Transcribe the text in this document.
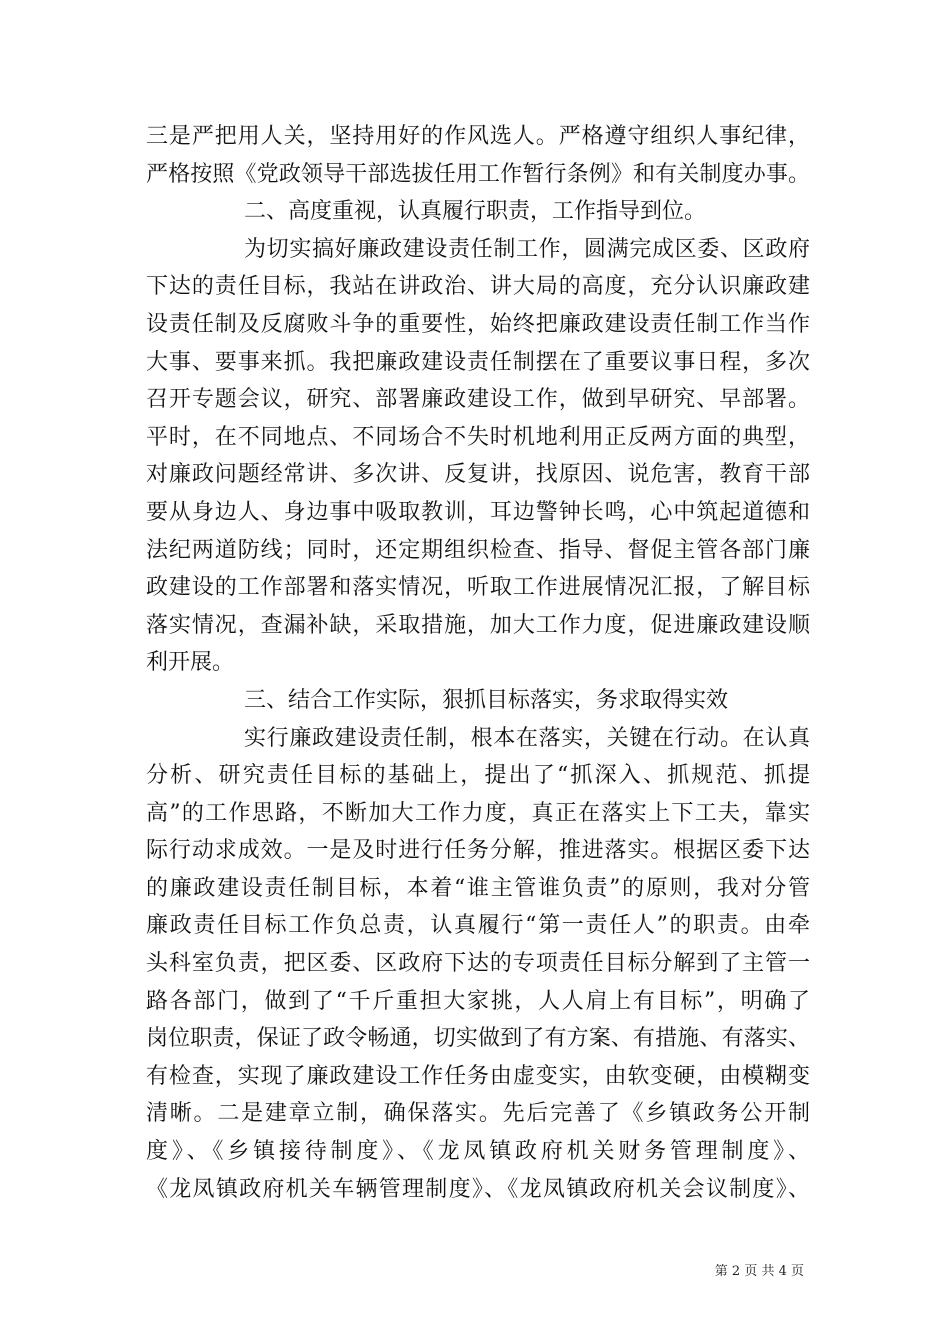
三是严把用人关，坚持用好的作风选人。严格遵守组织人事纪律，
严格按照《党政领导干部选拔任用工作暂行条例》和有关制度办事。
二、高度重视，认真履行职责，工作指导到位。
为切实搞好廉政建设责任制工作，圆满完成区委、区政府
下达的责任目标，我站在讲政治、讲大局的高度，充分认识廉政建
设责任制及反腐败斗争的重要性，始终把廉政建设责任制工作当作
大事、要事来抓。我把廉政建设责任制摆在了重要议事日程，多次
召开专题会议，研究、部署廉政建设工作，做到早研究、早部署。
平时，在不同地点、不同场合不失时机地利用正反两方面的典型，
对廉政问题经常讲、多次讲、反复讲，找原因、说危害，教育干部
要从身边人、身边事中吸取教训，耳边警钟长鸣，心中筑起道德和
法纪两道防线；同时，还定期组织检查、指导、督促主管各部门廉
政建设的工作部署和落实情况，听取工作进展情况汇报，了解目标
落实情况，查漏补缺，采取措施，加大工作力度，促进廉政建设顺
利开展。
三、结合工作实际，狠抓目标落实，务求取得实效
实行廉政建设责任制，根本在落实，关键在行动。在认真
分析、研究责任目标的基础上，提出了“抓深入、抓规范、抓提
高”的工作思路，不断加大工作力度，真正在落实上下工夫，靠实
际行动求成效。一是及时进行任务分解，推进落实。根据区委下达
的廉政建设责任制目标，本着“谁主管谁负责”的原则，我对分管
廉政责任目标工作负总责，认真履行“第一责任人”的职责。由牵
头科室负责，把区委、区政府下达的专项责任目标分解到了主管一
路各部门，做到了“千斤重担大家挑，人人肩上有目标”，明确了
岗位职责，保证了政令畅通，切实做到了有方案、有措施、有落实、
有检查，实现了廉政建设工作任务由虚变实，由软变硬，由模糊变
清晰。二是建章立制，确保落实。先后完善了《乡镇政务公开制
度》、《乡镇接待制度》、《龙凤镇政府机关财务管理制度》、
《龙凤镇政府机关车辆管理制度》、《龙凤镇政府机关会议制度》、
第 2 页 共 4 页
